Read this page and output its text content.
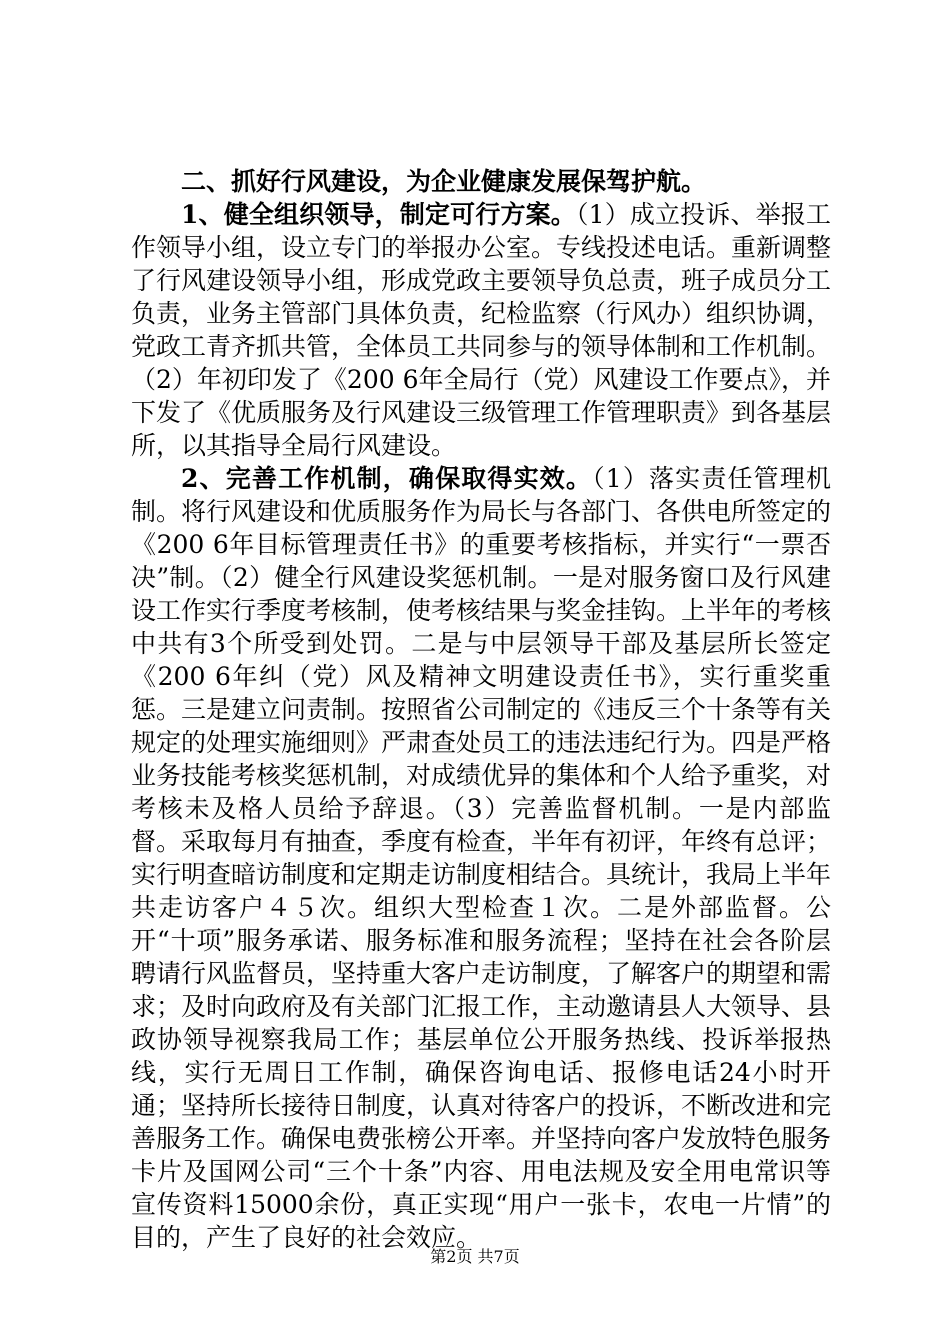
二、抓好行风建设，为企业健康发展保驾护航。

1、健全组织领导，制定可行方案。（1）成立投诉、举报工作领导小组，设立专门的举报办公室。专线投述电话。重新调整了行风建设领导小组，形成党政主要领导负总责，班子成员分工负责，业务主管部门具体负责，纪检监察（行风办）组织协调，党政工青齐抓共管，全体员工共同参与的领导体制和工作机制。（2）年初印发了《200 6年全局行（党）风建设工作要点》，并下发了《优质服务及行风建设三级管理工作管理职责》到各基层所，以其指导全局行风建设。

2、完善工作机制，确保取得实效。（1）落实责任管理机制。将行风建设和优质服务作为局长与各部门、各供电所签定的《200 6年目标管理责任书》的重要考核指标，并实行“一票否决”制。（2）健全行风建设奖惩机制。一是对服务窗口及行风建设工作实行季度考核制，使考核结果与奖金挂钩。上半年的考核中共有3个所受到处罚。二是与中层领导干部及基层所长签定《200 6年纠（党）风及精神文明建设责任书》，实行重奖重惩。三是建立问责制。按照省公司制定的《违反三个十条等有关规定的处理实施细则》严肃查处员工的违法违纪行为。四是严格业务技能考核奖惩机制，对成绩优异的集体和个人给予重奖，对考核未及格人员给予辞退。（3）完善监督机制。一是内部监督。采取每月有抽查，季度有检查，半年有初评，年终有总评；实行明查暗访制度和定期走访制度相结合。具统计，我局上半年共走访客户４５次。组织大型检查１次。二是外部监督。公开“十项”服务承诺、服务标准和服务流程；坚持在社会各阶层聘请行风监督员，坚持重大客户走访制度，了解客户的期望和需求；及时向政府及有关部门汇报工作，主动邀请县人大领导、县政协领导视察我局工作；基层单位公开服务热线、投诉举报热线，实行无周日工作制，确保咨询电话、报修电话24小时开通；坚持所长接待日制度，认真对待客户的投诉，不断改进和完善服务工作。确保电费张榜公开率。并坚持向客户发放特色服务卡片及国网公司“三个十条”内容、用电法规及安全用电常识等宣传资料15000余份，真正实现“用户一张卡，农电一片情”的目的，产生了良好的社会效应。

第2页 共7页
